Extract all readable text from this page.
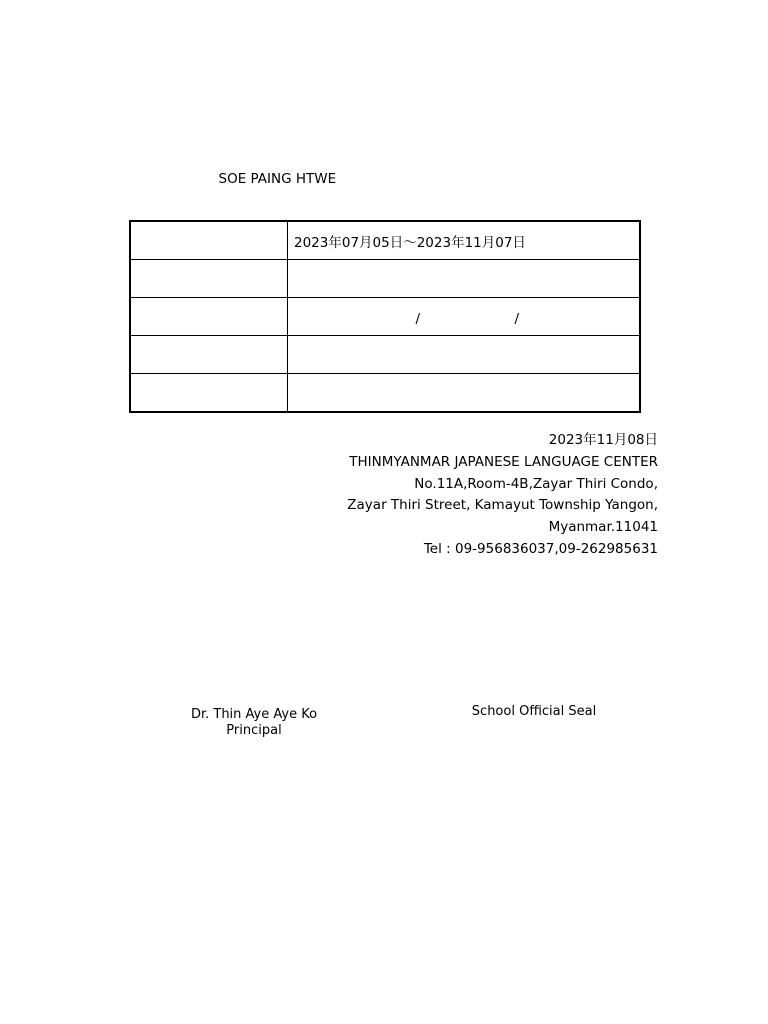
　　　　　　　SOE PAING HTWE　　　　　　　　　　　　　　　　　　
　　　　	2023年07月05日～2023年11月07日

　　　　	　　　　　　　　　/　　　　　　　/

2023年11月08日
THINMYANMAR JAPANESE LANGUAGE CENTER
No.11A,Room-4B,Zayar Thiri Condo,
Zayar Thiri Street, Kamayut Township Yangon,
Myanmar.11041
Tel : 09-956836037,09-262985631
Dr. Thin Aye Aye Ko
Principal
School Official Seal
